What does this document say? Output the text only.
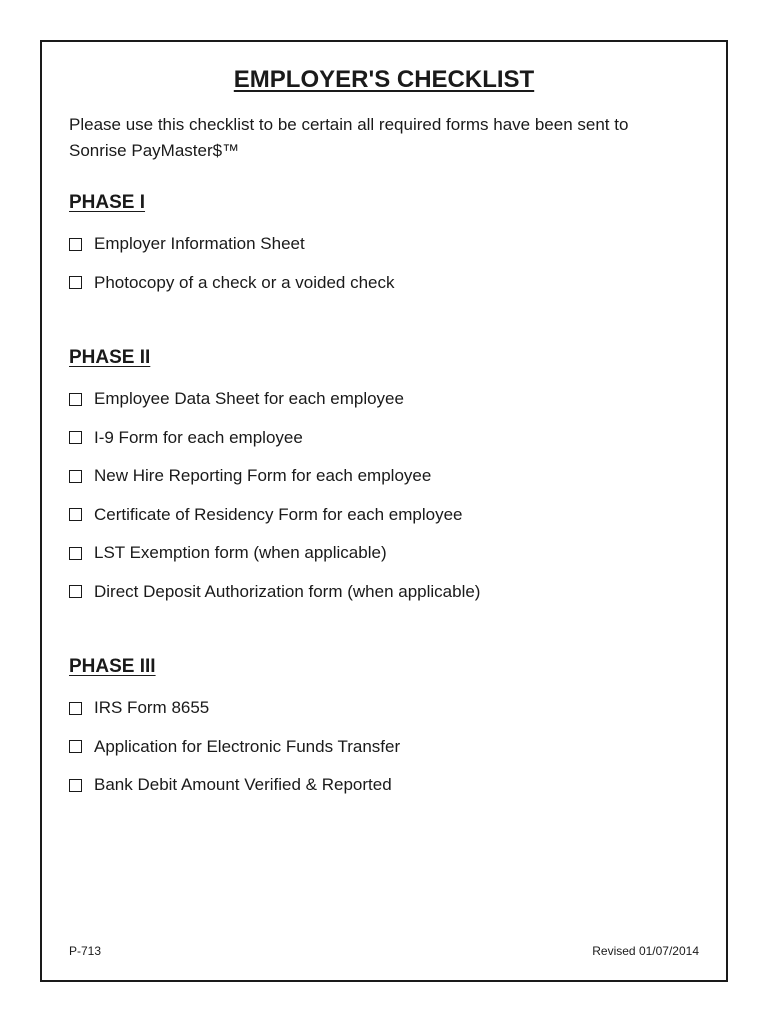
EMPLOYER'S CHECKLIST

Please use this checklist to be certain all required forms have been sent to Sonrise PayMaster$™

PHASE I
Employer Information Sheet
Photocopy of a check or a voided check
PHASE II
Employee Data Sheet for each employee
I-9 Form for each employee
New Hire Reporting Form for each employee
Certificate of Residency Form for each employee
LST Exemption form (when applicable)
Direct Deposit Authorization form (when applicable)
PHASE III
IRS Form 8655
Application for Electronic Funds Transfer
Bank Debit Amount Verified & Reported
P-713	Revised 01/07/2014
